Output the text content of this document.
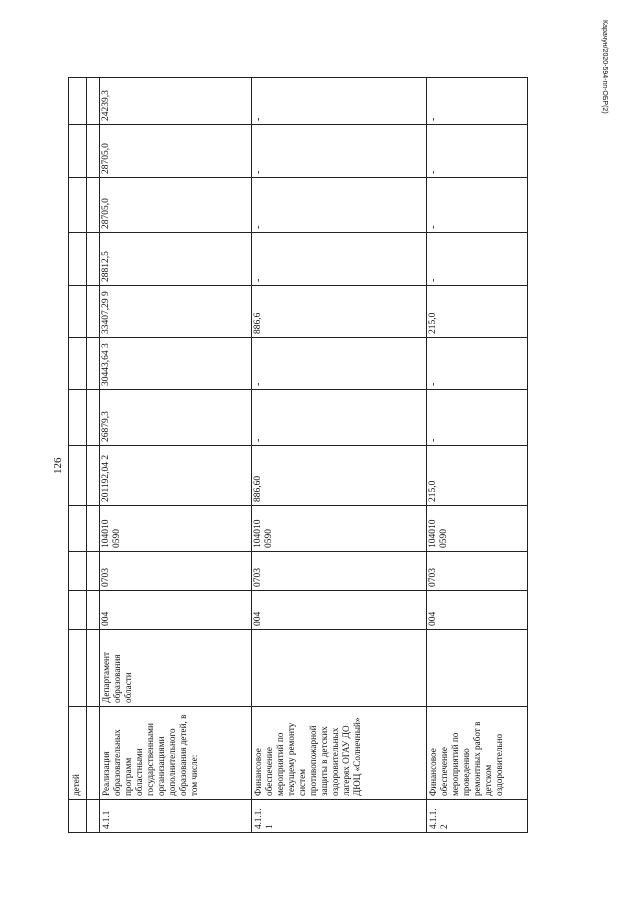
Карачун/2020-594-пп-ОБР(2)
126
детей
4.1.1
Реализация образовательных программ областными государственными организациями дополнительного образования детей, в том числе:
Департамент образования области
004
0703
104010 0590
201192,04 2
26879,3
30443,64 3
33407,29 9
28812,5
28705,0
28705,0
24239,3
4.1.1. 1
Финансовое обеспечение мероприятий по текущему ремонту систем противопожарной защиты в детских оздоровительных лагерях ОГАУ ДО ДЮЦ «Солнечный»
004
0703
104010 0590
886,60
-
-
886,6
-
-
-
-
4.1.1. 2
Финансовое обеспечение мероприятий по проведению ремонтных работ в детском оздоровительно
004
0703
104010 0590
215,0
-
-
215,0
-
-
-
-
